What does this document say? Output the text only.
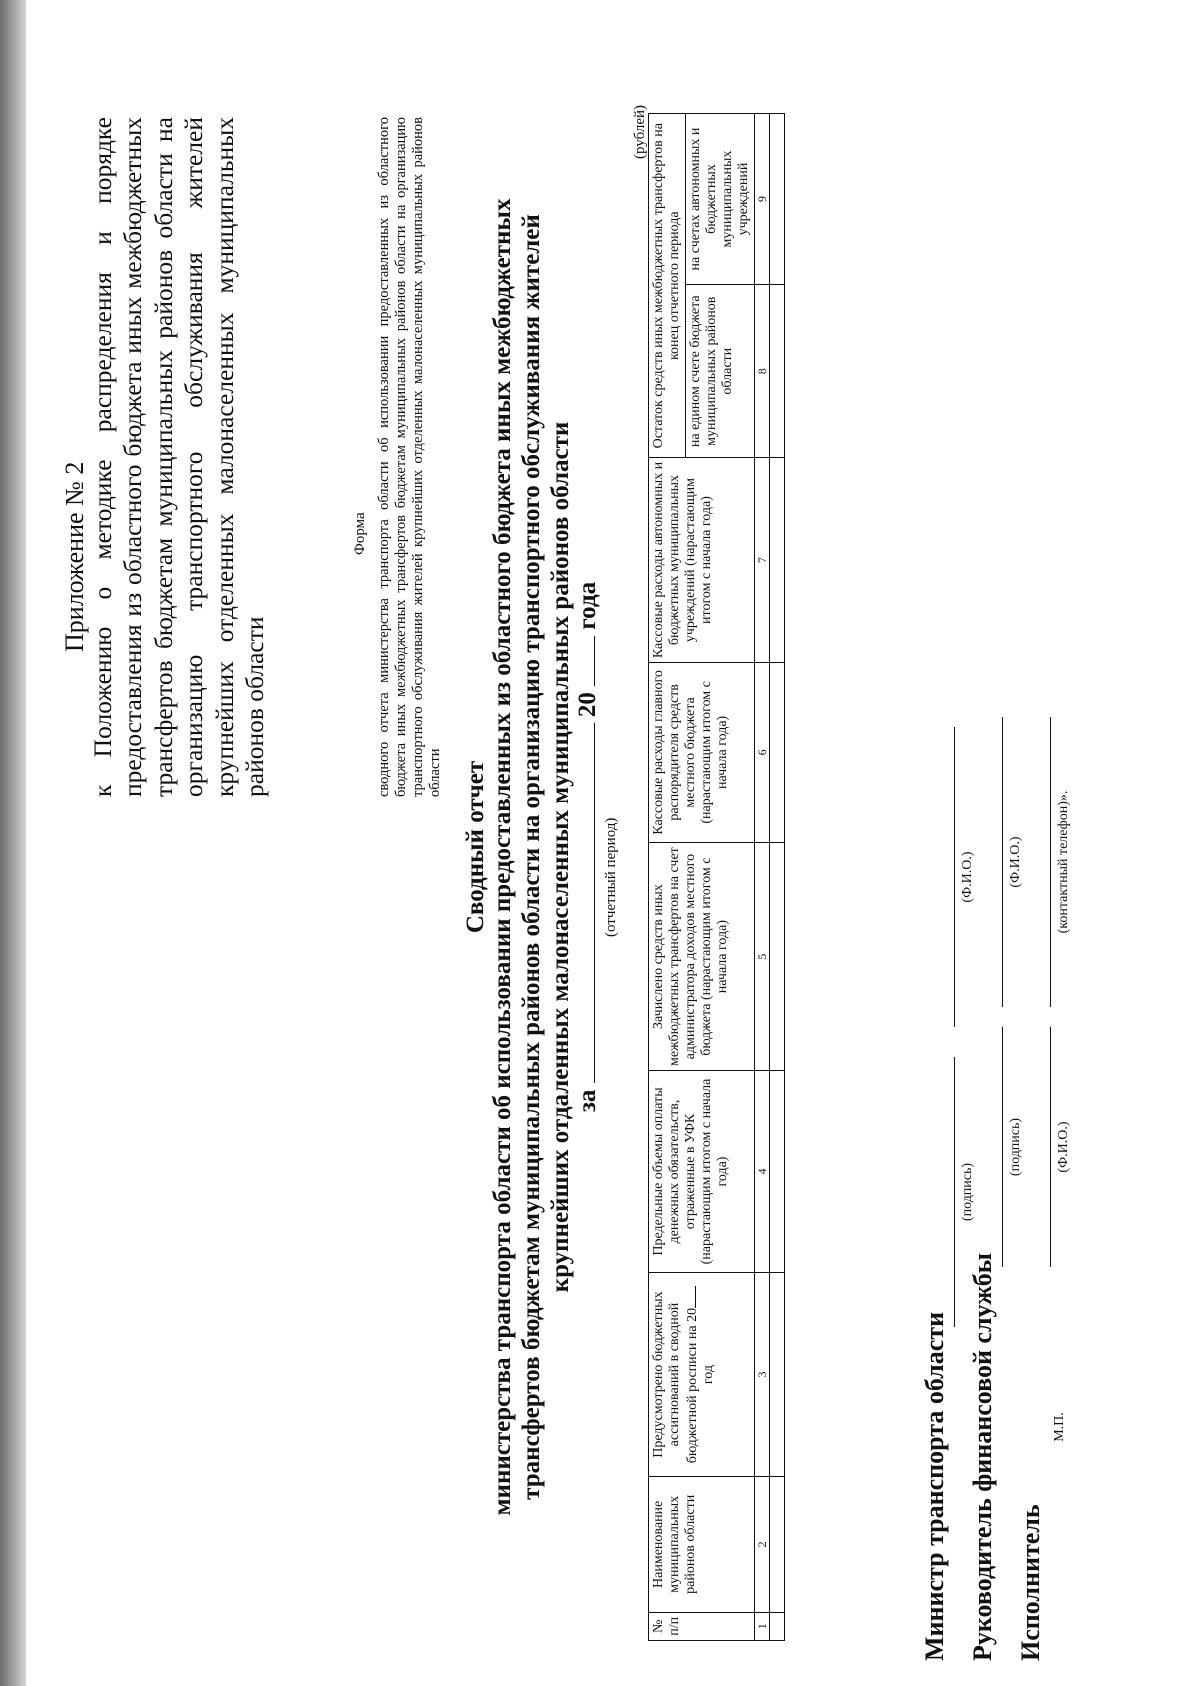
Приложение № 2 к Положению о методике распределения и порядке предоставления из областного бюджета иных межбюджетных трансфертов бюджетам муниципальных районов области на организацию транспортного обслуживания жителей крупнейших отделенных малонаселенных муниципальных районов области
Форма сводного отчета министерства транспорта области об использовании предоставленных из областного бюджета иных межбюджетных трансфертов бюджетам муниципальных районов области на организацию транспортного обслуживания жителей крупнейших отделенных малонаселенных муниципальных районов области Сводный отчет министерства транспорта области об использовании предоставленных из областного бюджета иных межбюджетных трансфертов бюджетам муниципальных районов области на организацию транспортного обслуживания жителей крупнейших отдаленных малонаселенных муниципальных районов области за  20  года
(отчетный период)
(рублей)
№ п/п	Наименование муниципальных районов области	Предусмотрено бюджетных ассигнований в сводной бюджетной росписи на 20 год	Предельные объемы оплаты денежных обязательств, отраженные в УФК (нарастающим итогом с начала года)	Зачислено средств иных межбюджетных трансфертов на счет администратора доходов местного бюджета (нарастающим итогом с начала года)	Кассовые расходы главного распорядителя средств местного бюджета (нарастающим итогом с начала года)	Кассовые расходы автономных и бюджетных муниципальных учреждений (нарастающим итогом с начала года)	Остаток средств иных межбюджетных трансфертов на конец отчетного периода	
							на едином счете бюджета муниципальных районов области	на счетах автономных и бюджетных муниципальных учреждений
1	2	3	4	5	6	7	8	9

Министр транспорта области
(подпись)
(Ф.И.О.)
Руководитель финансовой службы
(подпись)
(Ф.И.О.)
Исполнитель
М.П.
(Ф.И.О.)
(контактный телефон)».
